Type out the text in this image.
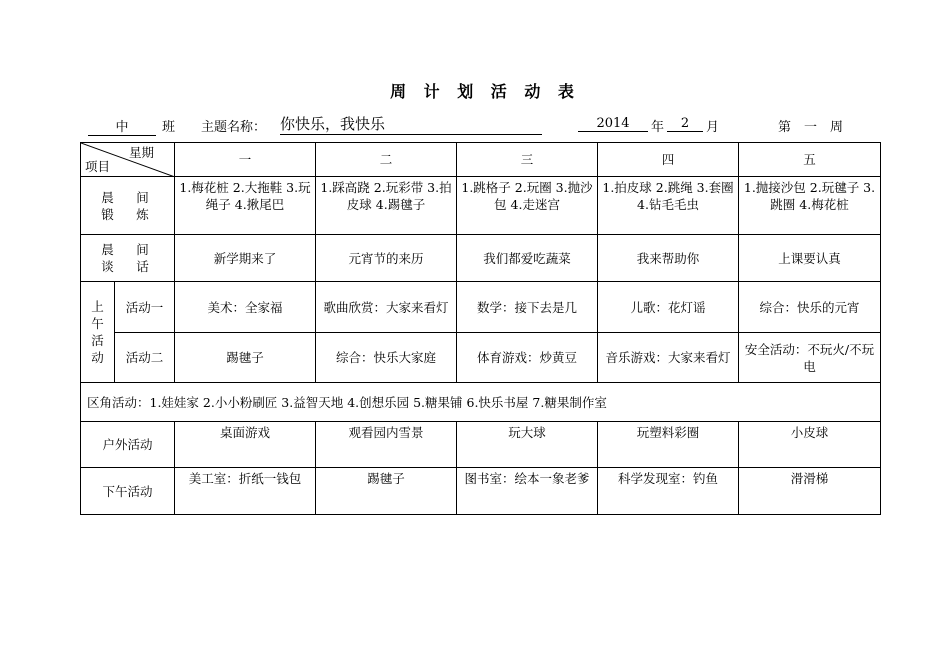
周 计 划 活 动 表
中	班 主题名称： 你快乐，我快乐	2014	年	2	月	第　一　周
星期
项目		一	二	三	四	五

晨　间
锻　炼		1.梅花桩 2.大拖鞋 3.玩绳子 4.揪尾巴	1.踩高跷 2.玩彩带 3.拍皮球 4.踢毽子	1.跳格子 2.玩圈 3.抛沙包 4.走迷宫	1.拍皮球 2.跳绳 3.套圈 4.钻毛毛虫	1.抛接沙包 2.玩毽子 3.跳圈 4.梅花桩

晨　间
谈　话		新学期来了	元宵节的来历	我们都爱吃蔬菜	我来帮助你	上课要认真

上午活动	活动一	美术：全家福	歌曲欣赏：大家来看灯	数学：接下去是几	儿歌：花灯谣	综合：快乐的元宵
	活动二	踢毽子	综合：快乐大家庭	体育游戏：炒黄豆	音乐游戏：大家来看灯	安全活动：不玩火/不玩电
区角活动：1.娃娃家 2.小小粉刷匠 3.益智天地 4.创想乐园 5.糖果铺 6.快乐书屋 7.糖果制作室						
户外活动		桌面游戏	观看园内雪景	玩大球	玩塑料彩圈	小皮球
下午活动		美工室：折纸一钱包	踢毽子	图书室：绘本一象老爹	科学发现室：钓鱼	滑滑梯
